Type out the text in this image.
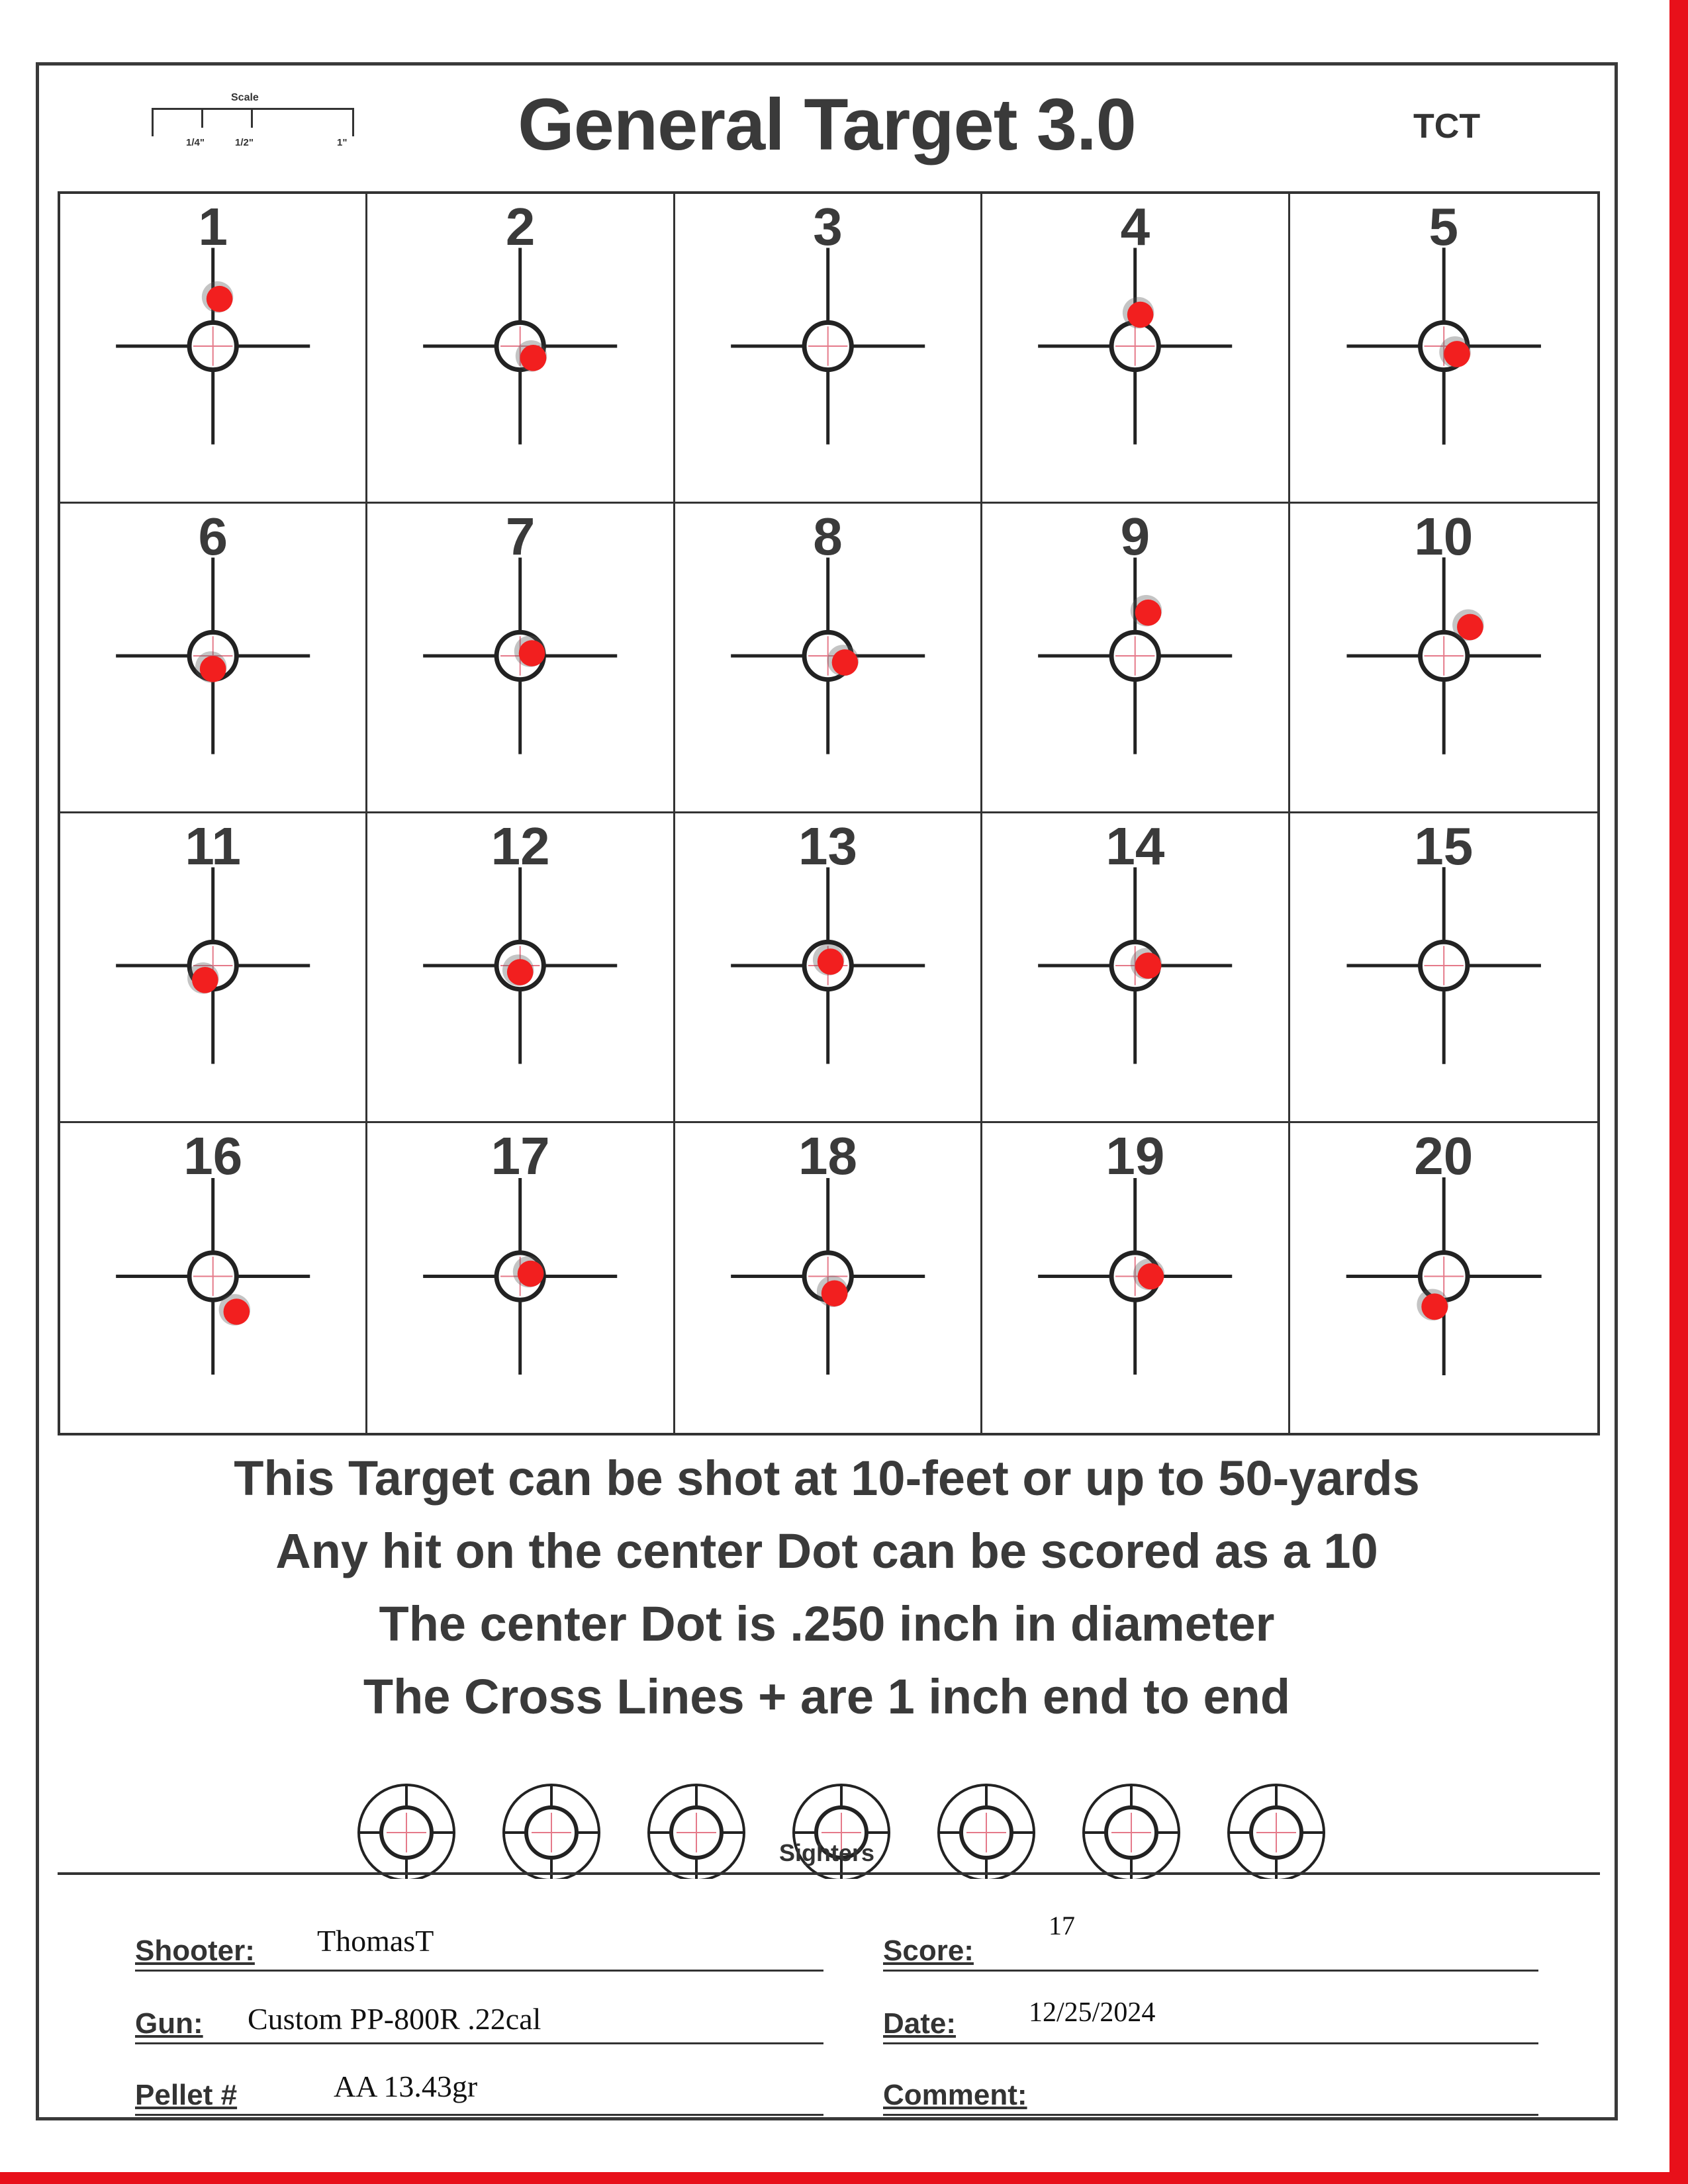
Scale
1/4"	1/2"	1"	General Target 3.0	TCT
1	2	3	4	5
6	7	8	9	10
11	12	13	14	15
16	17	18	19	20
This Target can be shot at 10-feet or up to 50-yards
Any hit on the center Dot can be scored as a 10
The center Dot is .250 inch in diameter
The Cross Lines + are 1 inch end to end
Sighters
Shooter: ThomasT
Gun: Custom PP-800R .22cal
Pellet #	AA 13.43gr
Score:
17
Date:	12/25/2024
Comment:
